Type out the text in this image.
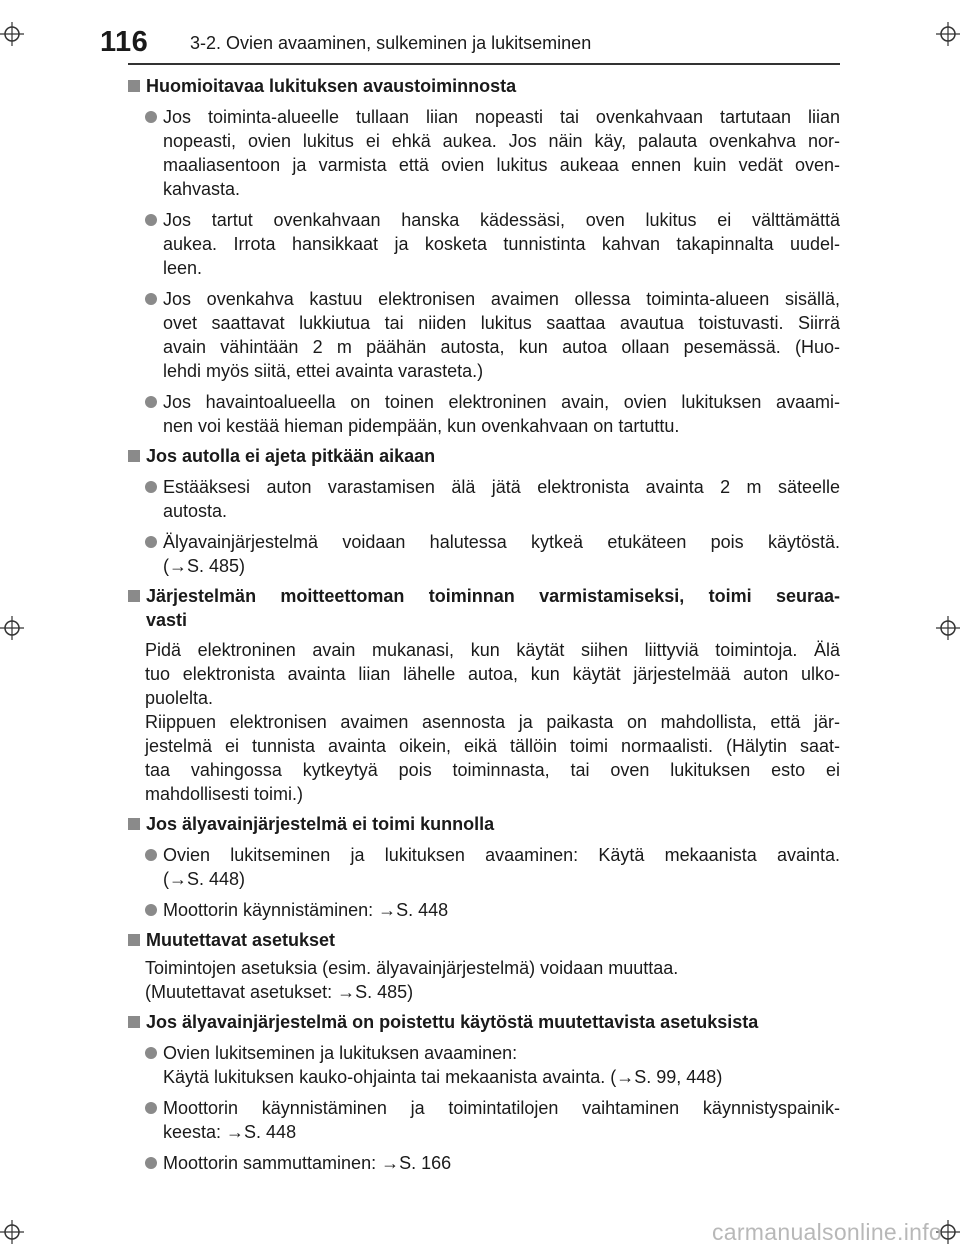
116 3-2. Ovien avaaminen, sulkeminen ja lukitseminen
Huomioitavaa lukituksen avaustoiminnosta
Jos toiminta-alueelle tullaan liian nopeasti tai ovenkahvaan tartutaan liian
nopeasti, ovien lukitus ei ehkä aukea. Jos näin käy, palauta ovenkahva nor-
maaliasentoon ja varmista että ovien lukitus aukeaa ennen kuin vedät oven-
kahvasta.
Jos tartut ovenkahvaan hanska kädessäsi, oven lukitus ei välttämättä
aukea. Irrota hansikkaat ja kosketa tunnistinta kahvan takapinnalta uudel-
leen.
Jos ovenkahva kastuu elektronisen avaimen ollessa toiminta-alueen sisällä,
ovet saattavat lukkiutua tai niiden lukitus saattaa avautua toistuvasti. Siirrä
avain vähintään 2 m päähän autosta, kun autoa ollaan pesemässä. (Huo-
lehdi myös siitä, ettei avainta varasteta.)
Jos havaintoalueella on toinen elektroninen avain, ovien lukituksen avaami-
nen voi kestää hieman pidempään, kun ovenkahvaan on tartuttu.
Jos autolla ei ajeta pitkään aikaan
Estääksesi auton varastamisen älä jätä elektronista avainta 2 m säteelle
autosta.
Älyavainjärjestelmä voidaan halutessa kytkeä etukäteen pois käytöstä.
(→S. 485)
Järjestelmän moitteettoman toiminnan varmistamiseksi, toimi seuraa-
vasti
Pidä elektroninen avain mukanasi, kun käytät siihen liittyviä toimintoja. Älä
tuo elektronista avainta liian lähelle autoa, kun käytät järjestelmää auton ulko-
puolelta.
Riippuen elektronisen avaimen asennosta ja paikasta on mahdollista, että jär-
jestelmä ei tunnista avainta oikein, eikä tällöin toimi normaalisti. (Hälytin saat-
taa vahingossa kytkeytyä pois toiminnasta, tai oven lukituksen esto ei
mahdollisesti toimi.)
Jos älyavainjärjestelmä ei toimi kunnolla
Ovien lukitseminen ja lukituksen avaaminen: Käytä mekaanista avainta.
(→S. 448)
Moottorin käynnistäminen: →S. 448
Muutettavat asetukset
Toimintojen asetuksia (esim. älyavainjärjestelmä) voidaan muuttaa.
(Muutettavat asetukset: →S. 485)
Jos älyavainjärjestelmä on poistettu käytöstä muutettavista asetuksista
Ovien lukitseminen ja lukituksen avaaminen:
Käytä lukituksen kauko-ohjainta tai mekaanista avainta. (→S. 99, 448)
Moottorin käynnistäminen ja toimintatilojen vaihtaminen käynnistyspainik-
keesta: →S. 448
Moottorin sammuttaminen: →S. 166
carmanualsonline.info
